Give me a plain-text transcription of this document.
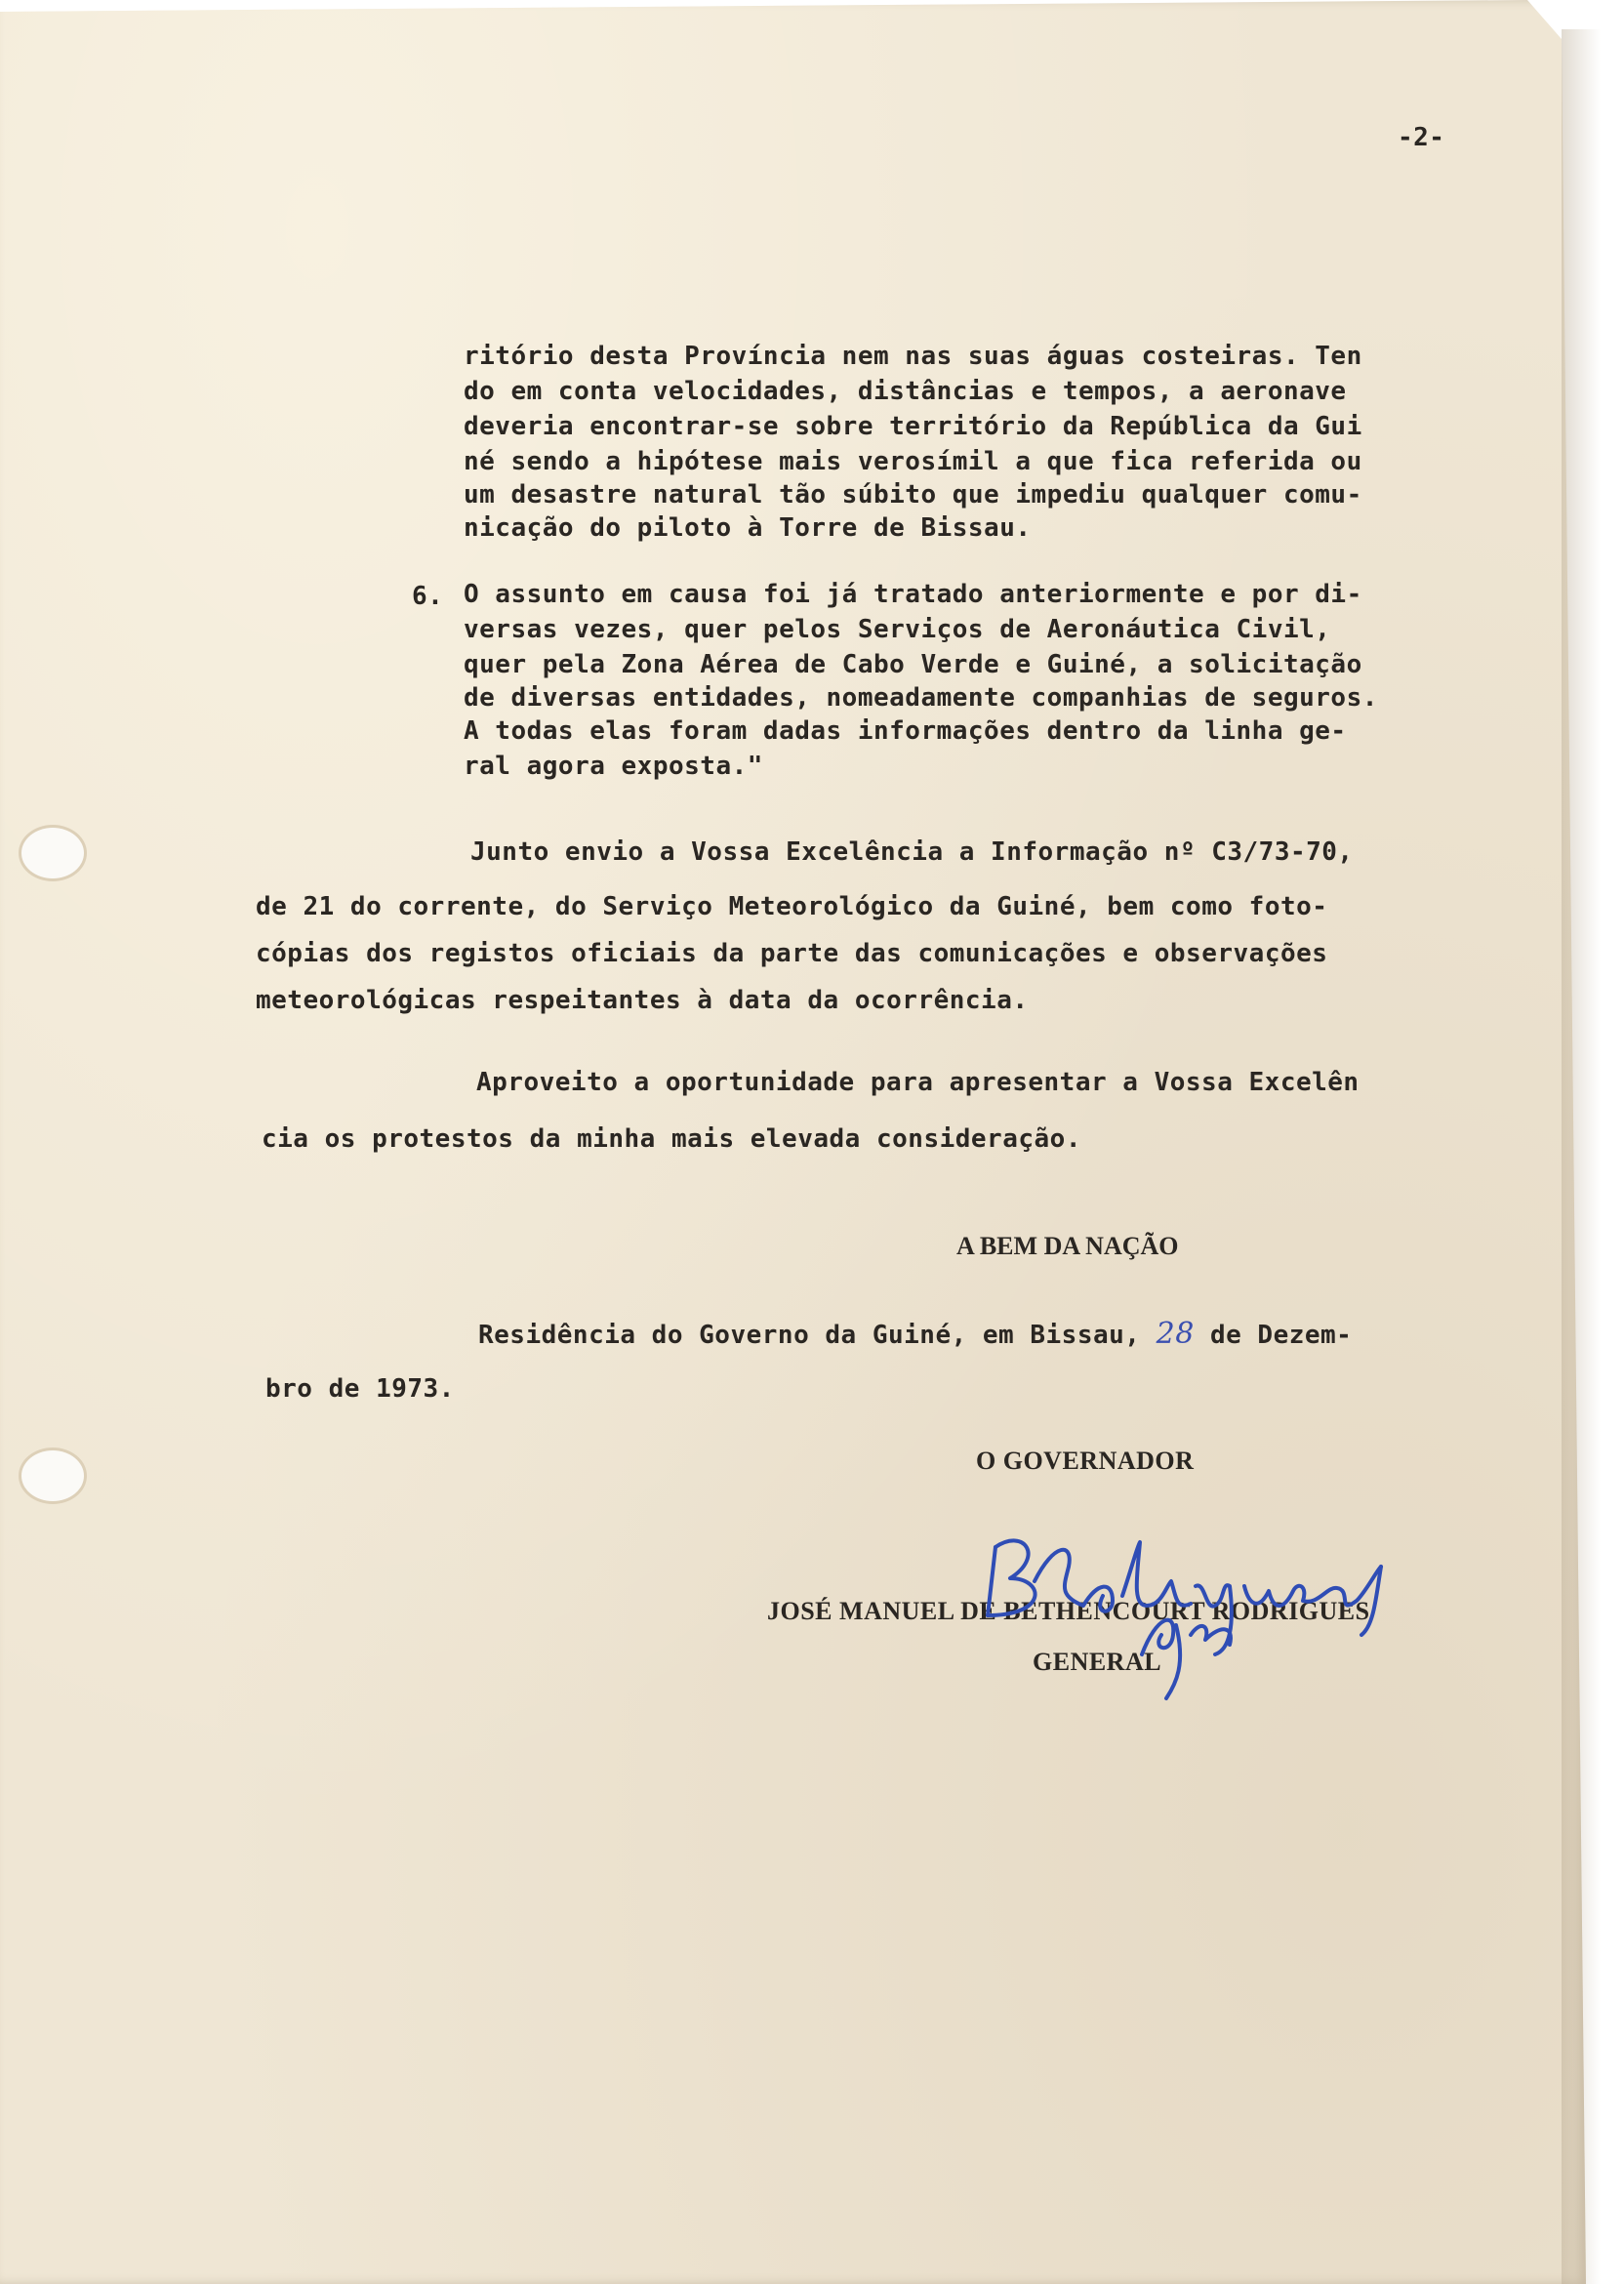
-2-
ritório desta Província nem nas suas águas costeiras. Ten
do em conta velocidades, distâncias e tempos, a aeronave
deveria encontrar-se sobre território da República da Gui
né sendo a hipótese mais verosímil a que fica referida ou
um desastre natural tão súbito que impediu qualquer comu-
nicação do piloto à Torre de Bissau.
6. O assunto em causa foi já tratado anteriormente e por di-
versas vezes, quer pelos Serviços de Aeronáutica Civil,
quer pela Zona Aérea de Cabo Verde e Guiné, a solicitação
de diversas entidades, nomeadamente companhias de seguros.
A todas elas foram dadas informações dentro da linha ge-
ral agora exposta."
Junto envio a Vossa Excelência a Informação nº C3/73-70,
de 21 do corrente, do Serviço Meteorológico da Guiné, bem como foto-
cópias dos registos oficiais da parte das comunicações e observações
meteorológicas respeitantes à data da ocorrência.
Aproveito a oportunidade para apresentar a Vossa Excelên
cia os protestos da minha mais elevada consideração.
A BEM DA NAÇÃO
Residência do Governo da Guiné, em Bissau, 28 de Dezem-
bro de 1973.
O GOVERNADOR
JOSÉ MANUEL DE BETHENCOURT RODRIGUES
GENERAL
